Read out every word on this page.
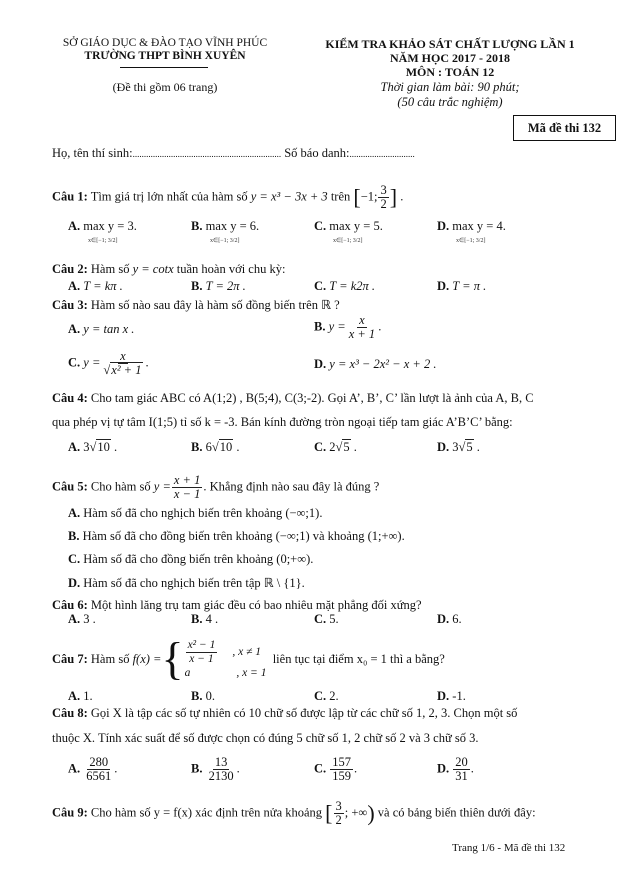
SỞ GIÁO DỤC & ĐÀO TẠO VĨNH PHÚC
TRƯỜNG THPT BÌNH XUYÊN
(Đề thi gồm 06 trang)
KIỂM TRA KHẢO SÁT CHẤT LƯỢNG LẦN 1
NĂM HỌC 2017 - 2018
MÔN : TOÁN 12
Thời gian làm bài: 90 phút;
(50 câu trắc nghiệm)
Mã đề thi 132
Họ, tên thí sinh:.................................................................. Số báo danh:.............................
Câu 1: Tìm giá trị lớn nhất của hàm số y = x³ − 3x + 3 trên [−1; $\frac{3}{2}$ ] .
A. max y = 3.	B. max y = 6.	C. max y = 5.	D. max y = 4.
x∈[−1; 3/2]	x∈[−1; 3/2]	x∈[−1; 3/2]	x∈[−1; 3/2]
Câu 2: Hàm số y = cotx tuần hoàn với chu kỳ:
A. T = kπ .	B. T = 2π .	C. T = k2π .	D. T = π .
Câu 3: Hàm số nào sau đây là hàm số đồng biến trên ℝ ?
A. y = tan x .	B. $y = \frac{x}{x + 1}$ .
C. $y = \frac{x}{\text{√x² + 1}}$ .	D. y = x³ − 2x² − x + 2 .
Câu 4: Cho tam giác ABC có A(1;2) , B(5;4), C(3;-2). Gọi A’, B’, C’ lần lượt là ảnh của A, B, C
qua phép vị tự tâm I(1;5) tỉ số k = -3. Bán kính đường tròn ngoại tiếp tam giác A’B’C’ bằng:
A. 3√10 .	B. 6√10 .	C. 2√5 .	D. 3√5 .
Câu 5: Cho hàm số $y = \frac{x + 1}{x - 1}$ . Khẳng định nào sau đây là đúng ?
A. Hàm số đã cho nghịch biến trên khoảng (−∞;1).
B. Hàm số đã cho đồng biến trên khoảng (−∞;1) và khoảng (1;+∞).
C. Hàm số đã cho đồng biến trên khoảng (0;+∞).
D. Hàm số đã cho nghịch biến trên tập ℝ \ {1}.
Câu 6: Một hình lăng trụ tam giác đều có bao nhiêu mặt phẳng đối xứng?
A. 3 .	B. 4 .	C. 5.	D. 6.
Câu 7:
Hàm số
f(x) = { $\frac{\text{x² − 1}}{x - 1}$ , x ≠ 1
a	, x = 1

liên tục tại điểm x₀ = 1 thì a bằng?
A. 1.	B. 0.	C. 2.	D. -1.
Câu 8: Gọi X là tập các số tự nhiên có 10 chữ số được lập từ các chữ số 1, 2, 3. Chọn một số
thuộc X. Tính xác suất để số được chọn có đúng 5 chữ số 1, 2 chữ số 2 và 3 chữ số 3.
A. $\frac{280}{6561}$ .	B. $\frac{13}{2130}$ .	C. $\frac{157}{159}$ .	D. $\frac{20}{31}$ .
Câu 9: Cho hàm số y = f(x) xác định trên nửa khoảng [ $\frac{3}{2}$ ; +∞) và có bảng biến thiên dưới đây:
Trang 1/6 - Mã đề thi 132
